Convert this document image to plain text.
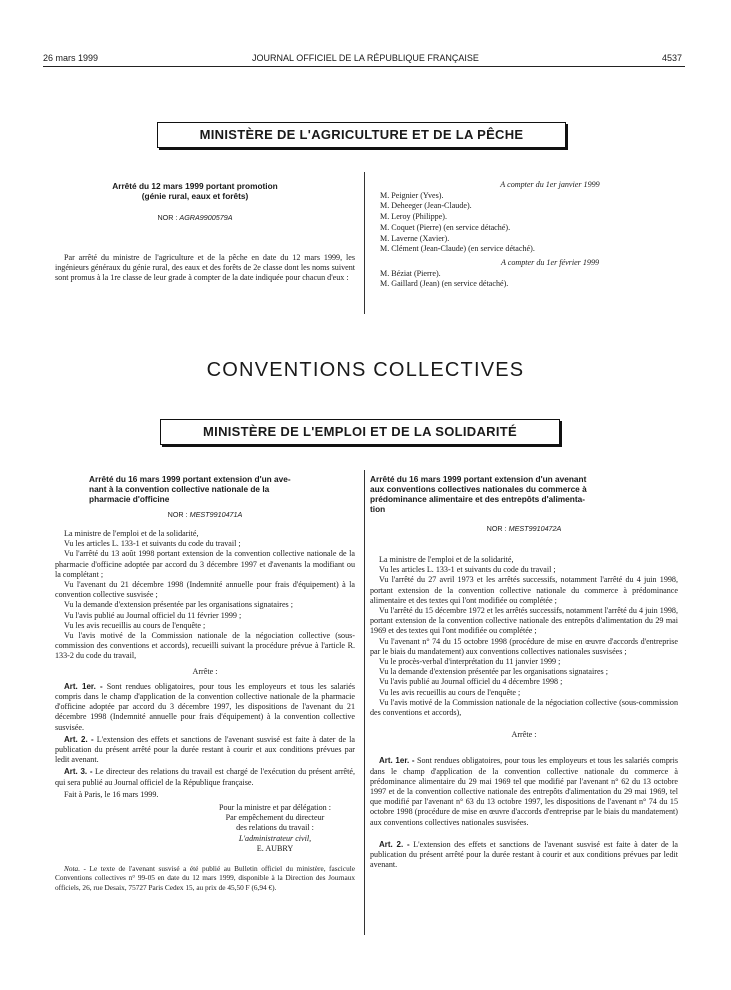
26 mars 1999	JOURNAL OFFICIEL DE LA RÉPUBLIQUE FRANÇAISE	4537
MINISTÈRE DE L'AGRICULTURE ET DE LA PÊCHE
Arrêté du 12 mars 1999 portant promotion
(génie rural, eaux et forêts)
NOR : AGRA9900579A

Par arrêté du ministre de l'agriculture et de la pêche en date du 12 mars 1999, les ingénieurs généraux du génie rural, des eaux et des forêts de 2e classe dont les noms suivent sont promus à la 1re classe de leur grade à compter de la date indiquée pour chacun d'eux :

A compter du 1er janvier 1999
M. Peignier (Yves).
M. Deheeger (Jean-Claude).
M. Leroy (Philippe).
M. Coquet (Pierre) (en service détaché).
M. Laverne (Xavier).
M. Clément (Jean-Claude) (en service détaché).
A compter du 1er février 1999
M. Béziat (Pierre).
M. Gaillard (Jean) (en service détaché).
CONVENTIONS COLLECTIVES
MINISTÈRE DE L'EMPLOI ET DE LA SOLIDARITÉ
Arrêté du 16 mars 1999 portant extension d'un ave-
nant à la convention collective nationale de la
pharmacie d'officine
NOR : MESТ9910471A

La ministre de l'emploi et de la solidarité,

Vu les articles L. 133-1 et suivants du code du travail ;

Vu l'arrêté du 13 août 1998 portant extension de la convention collective nationale de la pharmacie d'officine adoptée par accord du 3 décembre 1997 et d'avenants la modifiant ou la complétant ;

Vu l'avenant du 21 décembre 1998 (Indemnité annuelle pour frais d'équipement) à la convention collective susvisée ;

Vu la demande d'extension présentée par les organisations signataires ;

Vu l'avis publié au Journal officiel du 11 février 1999 ;

Vu les avis recueillis au cours de l'enquête ;

Vu l'avis motivé de la Commission nationale de la négociation collective (sous-commission des conventions et accords), recueilli suivant la procédure prévue à l'article R. 133-2 du code du travail,

Arrête :

Art. 1er. - Sont rendues obligatoires, pour tous les employeurs et tous les salariés compris dans le champ d'application de la convention collective nationale de la pharmacie d'officine adoptée par accord du 3 décembre 1997, les dispositions de l'avenant du 21 décembre 1998 (Indemnité annuelle pour frais d'équipement) à la convention collective susvisée.

Art. 2. - L'extension des effets et sanctions de l'avenant susvisé est faite à dater de la publication du présent arrêté pour la durée restant à courir et aux conditions prévues par ledit avenant.

Art. 3. - Le directeur des relations du travail est chargé de l'exécution du présent arrêté, qui sera publié au Journal officiel de la République française.

Fait à Paris, le 16 mars 1999.

Pour la ministre et par délégation :
Par empêchement du directeur
des relations du travail :
L'administrateur civil,
E. AUBRY

Nota. - Le texte de l'avenant susvisé a été publié au Bulletin officiel du ministère, fascicule Conventions collectives n° 99-05 en date du 12 mars 1999, disponible à la Direction des Journaux officiels, 26, rue Desaix, 75727 Paris Cedex 15, au prix de 45,50 F (6,94 €).

Arrêté du 16 mars 1999 portant extension d'un avenant
aux conventions collectives nationales du commerce à
prédominance alimentaire et des entrepôts d'alimenta-
tion
NOR : MEST9910472A

La ministre de l'emploi et de la solidarité,

Vu les articles L. 133-1 et suivants du code du travail ;

Vu l'arrêté du 27 avril 1973 et les arrêtés successifs, notamment l'arrêté du 4 juin 1998, portant extension de la convention collective nationale du commerce à prédominance alimentaire et des textes qui l'ont modifiée ou complétée ;

Vu l'arrêté du 15 décembre 1972 et les arrêtés successifs, notamment l'arrêté du 4 juin 1998, portant extension de la convention collective nationale des entrepôts d'alimentation du 29 mai 1969 et des textes qui l'ont modifiée ou complétée ;

Vu l'avenant n° 74 du 15 octobre 1998 (procédure de mise en œuvre d'accords d'entreprise par le biais du mandatement) aux conventions collectives nationales susvisées ;

Vu le procès-verbal d'interprétation du 11 janvier 1999 ;

Vu la demande d'extension présentée par les organisations signataires ;

Vu l'avis publié au Journal officiel du 4 décembre 1998 ;

Vu les avis recueillis au cours de l'enquête ;

Vu l'avis motivé de la Commission nationale de la négociation collective (sous-commission des conventions et accords),

Arrête :

Art. 1er. - Sont rendues obligatoires, pour tous les employeurs et tous les salariés compris dans le champ d'application de la convention collective nationale du commerce à prédominance alimentaire du 29 mai 1969 tel que modifié par l'avenant n° 62 du 13 octobre 1997 et de la convention collective nationale des entrepôts d'alimentation du 29 mai 1969, tel que modifié par l'avenant n° 63 du 13 octobre 1997, les dispositions de l'avenant n° 74 du 15 octobre 1998 (procédure de mise en œuvre d'accords d'entreprise par le biais du mandatement) aux conventions collectives nationales susvisées.

Art. 2. - L'extension des effets et sanctions de l'avenant susvisé est faite à dater de la publication du présent arrêté pour la durée restant à courir et aux conditions prévues par ledit avenant.
